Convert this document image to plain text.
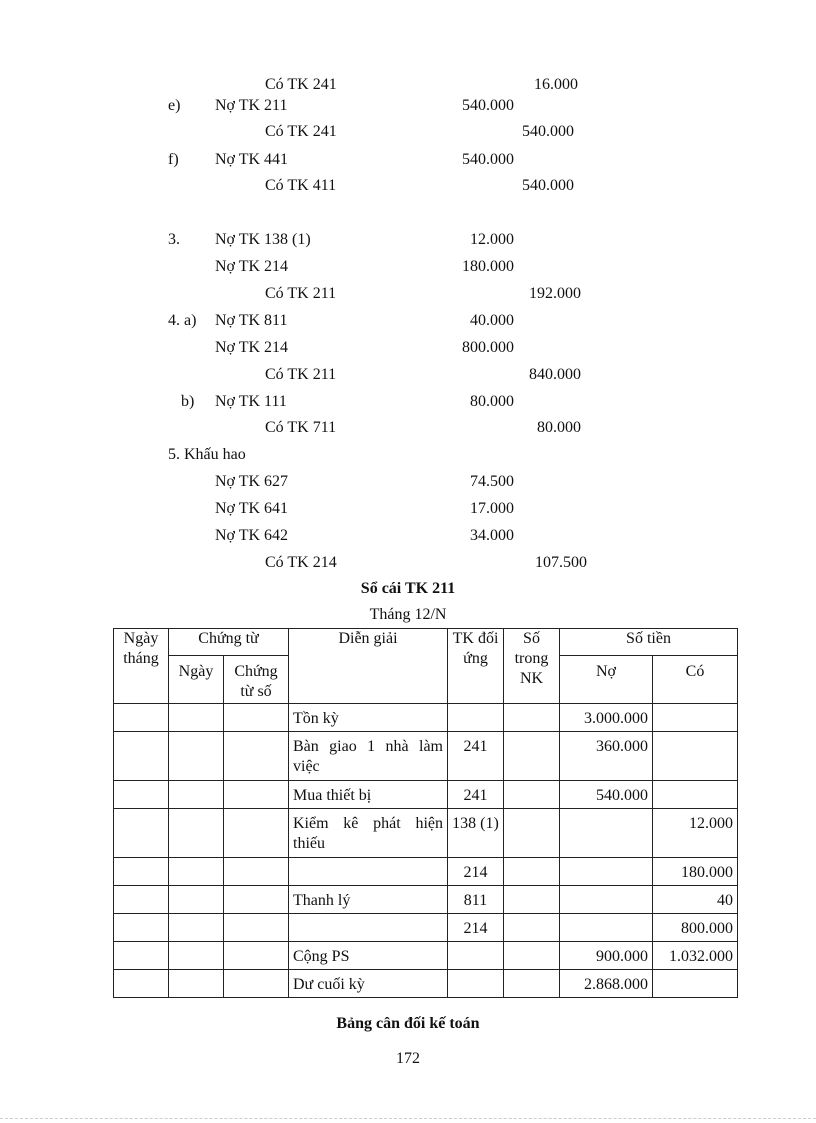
Có TK 241	16.000
e) Nợ TK 211	540.000
Có TK 241	540.000
f) Nợ TK 441	540.000
Có TK 411	540.000
3. Nợ TK 138 (1)	12.000
Nợ TK 214	180.000
Có TK 211	192.000
4. a) Nợ TK 811	40.000
Nợ TK 214	800.000
Có TK 211	840.000
b) Nợ TK 111	80.000
Có TK 711	80.000
5. Khấu hao
Nợ TK 627	74.500
Nợ TK 641	17.000
Nợ TK 642	34.000
Có TK 214	107.500
Sổ cái TK 211
Tháng 12/N
Ngày tháng	Chứng từ		Diễn giải	TK đối ứng	Số trong NK	Số tiền	
	Ngày	Chứng từ số				Nợ	Có
			Tồn kỳ			3.000.000	
			Bàn giao 1 nhà làm việc	241		360.000	
			Mua thiết bị	241		540.000	
			Kiểm kê phát hiện thiếu	138 (1)			12.000
				214			180.000
			Thanh lý	811			40
				214			800.000
			Cộng PS			900.000	1.032.000
			Dư cuối kỳ			2.868.000	
Bảng cân đối kế toán
172
